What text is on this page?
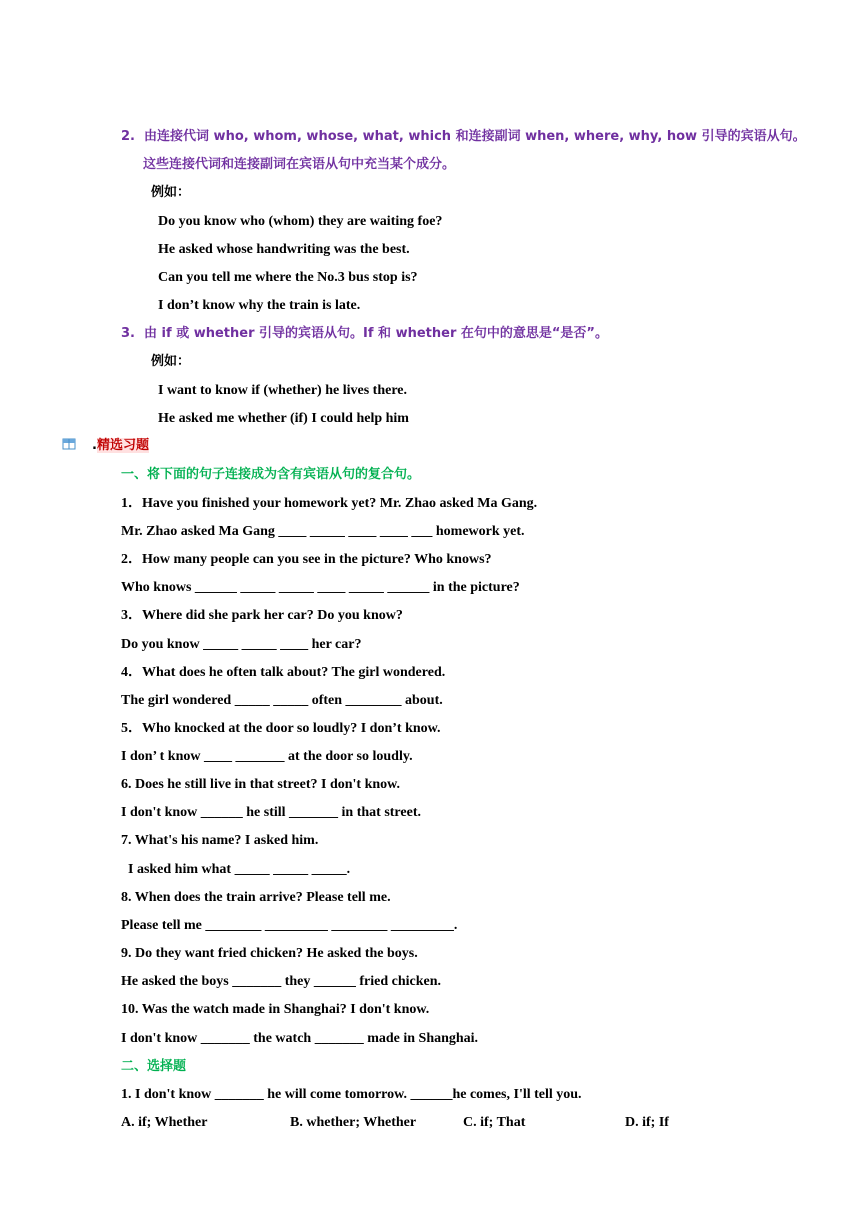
2.  由连接代词 who, whom, whose, what, which 和连接副词 when, where, why, how 引导的宾语从句。
这些连接代词和连接副词在宾语从句中充当某个成分。
例如：
Do you know who (whom) they are waiting foe?
He asked whose handwriting was the best.
Can you tell me where the No.3 bus stop is?
I don’t know why the train is late.
3.  由 if 或 whether 引导的宾语从句。If 和 whether 在句中的意思是“是否”。
例如：
I want to know if (whether) he lives there.
He asked me whether (if) I could help him
.精选习题
一、将下面的句子连接成为含有宾语从句的复合句。
1．Have you finished your homework yet? Mr. Zhao asked Ma Gang.
Mr. Zhao asked Ma Gang ____ _____ ____ ____ ___ homework yet.
2．How many people can you see in the picture? Who knows?
Who knows ______ _____ _____ ____ _____ ______ in the picture?
3．Where did she park her car? Do you know?
Do you know _____ _____ ____ her car?
4．What does he often talk about? The girl wondered.
The girl wondered _____ _____ often ________ about.
5．Who knocked at the door so loudly? I don’t know.
I don’ t know ____ _______ at the door so loudly.
6. Does he still live in that street? I don't know.
I don't know ______ he still _______ in that street.
7. What's his name? I asked him.
I asked him what _____ _____ _____.
8. When does the train arrive? Please tell me.
Please tell me ________ _________ ________ _________.
9. Do they want fried chicken? He asked the boys.
He asked the boys _______ they ______ fried chicken.
10. Was the watch made in Shanghai? I don't know.
I don't know _______ the watch _______ made in Shanghai.
二、选择题
1. I don't know _______ he will come tomorrow. ______he comes, I'll tell you.
A. if; Whether	B. whether; Whether	C. if; That	D. if; If
